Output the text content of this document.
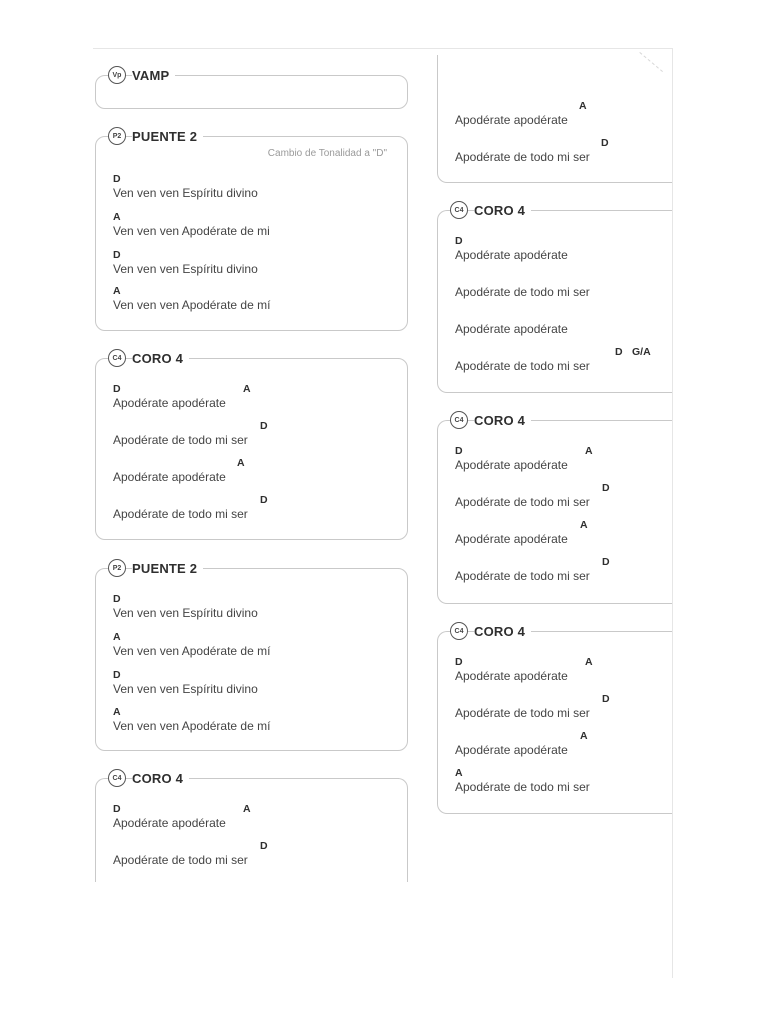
Vp VAMP
P2 PUENTE 2
Cambio de Tonalidad a "D"
D
Ven ven ven Espíritu divino
A
Ven ven ven Apodérate de mi
D
Ven ven ven Espíritu divino
A
Ven ven ven Apodérate de mí
C4 CORO 4
D	A
Apodérate apodérate
D
Apodérate de todo mi ser
A
Apodérate apodérate
D
Apodérate de todo mi ser
P2 PUENTE 2
D
Ven ven ven Espíritu divino
A
Ven ven ven Apodérate de mí
D
Ven ven ven Espíritu divino
A
Ven ven ven Apodérate de mí
C4 CORO 4
D	A
Apodérate apodérate
D
Apodérate de todo mi ser
A
Apodérate apodérate
D
Apodérate de todo mi ser
C4 CORO 4
D
Apodérate apodérate
Apodérate de todo mi ser
Apodérate apodérate
D G/A
Apodérate de todo mi ser
C4 CORO 4
D	A
Apodérate apodérate
D
Apodérate de todo mi ser
A
Apodérate apodérate
D
Apodérate de todo mi ser
C4 CORO 4
D	A
Apodérate apodérate
D
Apodérate de todo mi ser
A
Apodérate apodérate
A
Apodérate de todo mi ser
